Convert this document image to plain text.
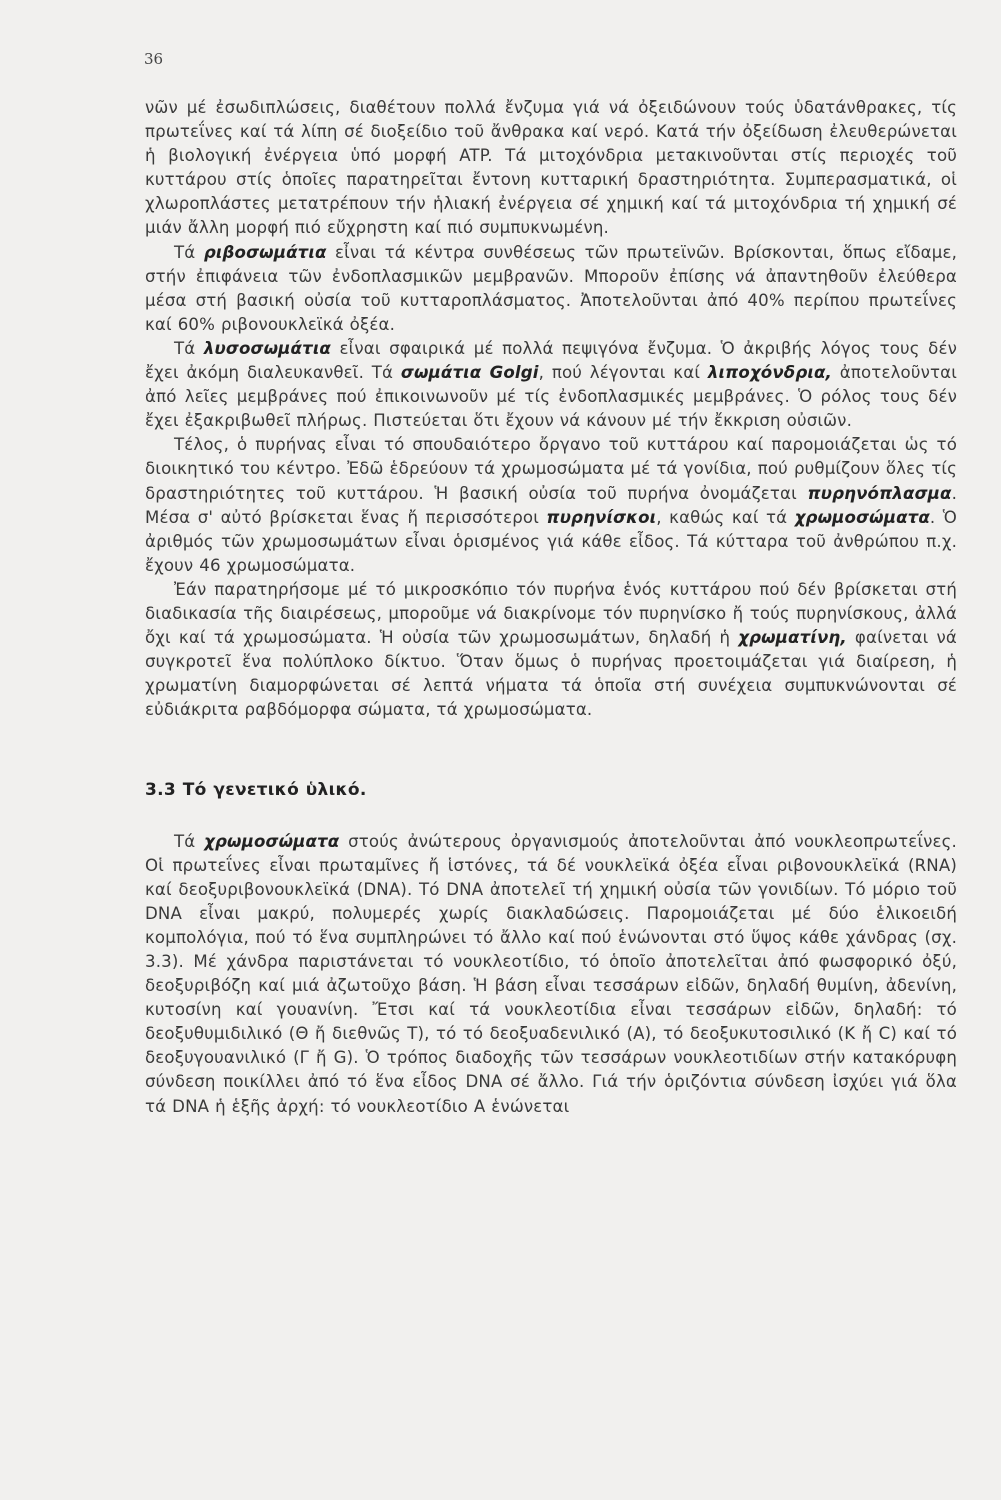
36

νῶν μέ ἐσωδιπλώσεις, διαθέτουν πολλά ἔνζυμα γιά νά ὀξειδώνουν τούς ὑδατάνθρακες, τίς πρωτεΐνες καί τά λίπη σέ διοξείδιο τοῦ ἄνθρακα καί νερό. Κατά τήν ὀξείδωση ἐλευθερώνεται ἡ βιολογική ἐνέργεια ὑπό μορφή ATP. Τά μιτοχόνδρια μετακινοῦνται στίς περιοχές τοῦ κυττάρου στίς ὁποῖες παρατηρεῖται ἔντονη κυτταρική δραστηριότητα. Συμπερασματικά, οἱ χλωροπλάστες μετατρέπουν τήν ἡλιακή ἐνέργεια σέ χημική καί τά μιτοχόνδρια τή χημική σέ μιάν ἄλλη μορφή πιό εὔχρηστη καί πιό συμπυκνωμένη.

Τά ριβοσωμάτια εἶναι τά κέντρα συνθέσεως τῶν πρωτεϊνῶν. Βρίσκονται, ὅπως εἴδαμε, στήν ἐπιφάνεια τῶν ἐνδοπλασμικῶν μεμβρανῶν. Μποροῦν ἐπίσης νά ἀπαντηθοῦν ἐλεύθερα μέσα στή βασική οὐσία τοῦ κυτταροπλάσματος. Ἀποτελοῦνται ἀπό 40% περίπου πρωτεΐνες καί 60% ριβονουκλεϊκά ὀξέα.

Τά λυσοσωμάτια εἶναι σφαιρικά μέ πολλά πεψιγόνα ἔνζυμα. Ὁ ἀκριβής λόγος τους δέν ἔχει ἀκόμη διαλευκανθεῖ. Τά σωμάτια Golgi, πού λέγονται καί λιποχόνδρια, ἀποτελοῦνται ἀπό λεῖες μεμβράνες πού ἐπικοινωνοῦν μέ τίς ἐνδοπλασμικές μεμβράνες. Ὁ ρόλος τους δέν ἔχει ἐξακριβωθεῖ πλήρως. Πιστεύεται ὅτι ἔχουν νά κάνουν μέ τήν ἔκκριση οὐσιῶν.

Τέλος, ὁ πυρήνας εἶναι τό σπουδαιότερο ὄργανο τοῦ κυττάρου καί παρομοιάζεται ὡς τό διοικητικό του κέντρο. Ἐδῶ ἑδρεύουν τά χρωμοσώματα μέ τά γονίδια, πού ρυθμίζουν ὅλες τίς δραστηριότητες τοῦ κυττάρου. Ἡ βασική οὐσία τοῦ πυρήνα ὀνομάζεται πυρηνόπλασμα. Μέσα σ' αὐτό βρίσκεται ἕνας ἤ περισσότεροι πυρηνίσκοι, καθώς καί τά χρωμοσώματα. Ὁ ἀριθμός τῶν χρωμοσωμάτων εἶναι ὁρισμένος γιά κάθε εἶδος. Τά κύτταρα τοῦ ἀνθρώπου π.χ. ἔχουν 46 χρωμοσώματα.

Ἐάν παρατηρήσομε μέ τό μικροσκόπιο τόν πυρήνα ἑνός κυττάρου πού δέν βρίσκεται στή διαδικασία τῆς διαιρέσεως, μποροῦμε νά διακρίνομε τόν πυρηνίσκο ἤ τούς πυρηνίσκους, ἀλλά ὄχι καί τά χρωμοσώματα. Ἡ οὐσία τῶν χρωμοσωμάτων, δηλαδή ἡ χρωματίνη, φαίνεται νά συγκροτεῖ ἕνα πολύπλοκο δίκτυο. Ὅταν ὅμως ὁ πυρήνας προετοιμάζεται γιά διαίρεση, ἡ χρωματίνη διαμορφώνεται σέ λεπτά νήματα τά ὁποῖα στή συνέχεια συμπυκνώνονται σέ εὐδιάκριτα ραβδόμορφα σώματα, τά χρωμοσώματα.

3.3 Τό γενετικό ὑλικό.

Τά χρωμοσώματα στούς ἀνώτερους ὀργανισμούς ἀποτελοῦνται ἀπό νουκλεοπρωτεΐνες. Οἱ πρωτεΐνες εἶναι πρωταμῖνες ἤ ἱστόνες, τά δέ νουκλεϊκά ὀξέα εἶναι ριβονουκλεϊκά (RNA) καί δεοξυριβονουκλεϊκά (DNA). Τό DNA ἀποτελεῖ τή χημική οὐσία τῶν γονιδίων. Τό μόριο τοῦ DNA εἶναι μακρύ, πολυμερές χωρίς διακλαδώσεις. Παρομοιάζεται μέ δύο ἑλικοειδή κομπολόγια, πού τό ἕνα συμπληρώνει τό ἄλλο καί πού ἑνώνονται στό ὕψος κάθε χάνδρας (σχ. 3.3). Μέ χάνδρα παριστάνεται τό νουκλεοτίδιο, τό ὁποῖο ἀποτελεῖται ἀπό φωσφορικό ὀξύ, δεοξυριβόζη καί μιά ἀζωτοῦχο βάση. Ἡ βάση εἶναι τεσσάρων εἰδῶν, δηλαδή θυμίνη, ἀδενίνη, κυτοσίνη καί γουανίνη. Ἔτσι καί τά νουκλεοτίδια εἶναι τεσσάρων εἰδῶν, δηλαδή: τό δεοξυθυμιδιλικό (Θ ἤ διεθνῶς T), τό τό δεοξυαδενιλικό (A), τό δεοξυκυτοσιλικό (K ἤ C) καί τό δεοξυγουανιλικό (Γ ἤ G). Ὁ τρόπος διαδοχῆς τῶν τεσσάρων νουκλεοτιδίων στήν κατακόρυφη σύνδεση ποικίλλει ἀπό τό ἕνα εἶδος DNA σέ ἄλλο. Γιά τήν ὁριζόντια σύνδεση ἰσχύει γιά ὅλα τά DNA ἡ ἑξῆς ἀρχή: τό νουκλεοτίδιο A ἑνώνεται
